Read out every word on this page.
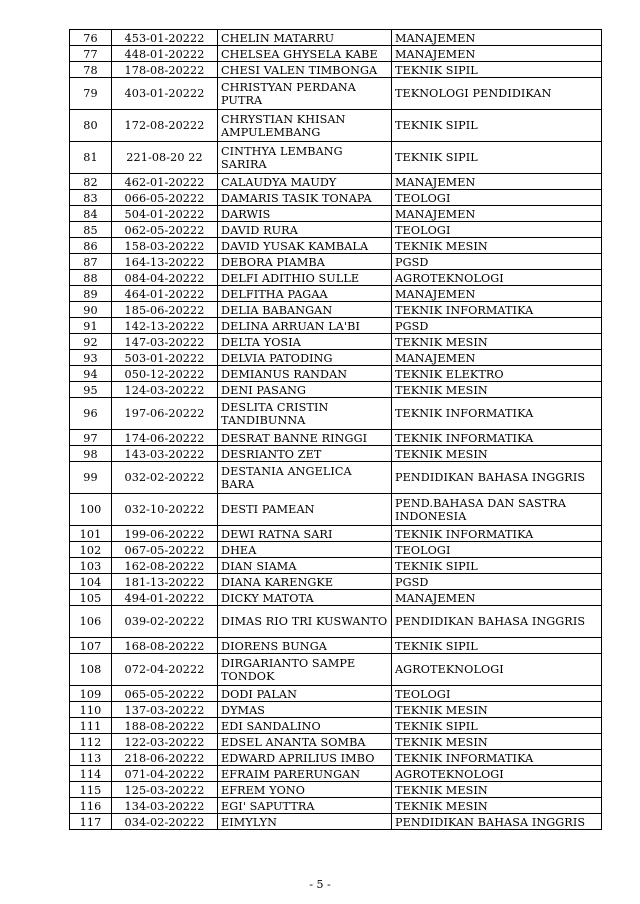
76	453-01-20222	CHELIN MATARRU	MANAJEMEN
77	448-01-20222	CHELSEA GHYSELA KABE	MANAJEMEN
78	178-08-20222	CHESI VALEN TIMBONGA	TEKNIK SIPIL
79	403-01-20222	CHRISTYAN PERDANA PUTRA	TEKNOLOGI PENDIDIKAN
80	172-08-20222	CHRYSTIAN KHISAN AMPULEMBANG	TEKNIK SIPIL
81	221-08-20 22	CINTHYA LEMBANG SARIRA	TEKNIK SIPIL
82	462-01-20222	CALAUDYA MAUDY	MANAJEMEN
83	066-05-20222	DAMARIS TASIK TONAPA	TEOLOGI
84	504-01-20222	DARWIS	MANAJEMEN
85	062-05-20222	DAVID RURA	TEOLOGI
86	158-03-20222	DAVID YUSAK KAMBALA	TEKNIK MESIN
87	164-13-20222	DEBORA PIAMBA	PGSD
88	084-04-20222	DELFI ADITHIO SULLE	AGROTEKNOLOGI
89	464-01-20222	DELFITHA PAGAA	MANAJEMEN
90	185-06-20222	DELIA BABANGAN	TEKNIK INFORMATIKA
91	142-13-20222	DELINA ARRUAN LA'BI	PGSD
92	147-03-20222	DELTA YOSIA	TEKNIK MESIN
93	503-01-20222	DELVIA PATODING	MANAJEMEN
94	050-12-20222	DEMIANUS RANDAN	TEKNIK ELEKTRO
95	124-03-20222	DENI PASANG	TEKNIK MESIN
96	197-06-20222	DESLITA CRISTIN TANDIBUNNA	TEKNIK INFORMATIKA
97	174-06-20222	DESRAT BANNE RINGGI	TEKNIK INFORMATIKA
98	143-03-20222	DESRIANTO ZET	TEKNIK MESIN
99	032-02-20222	DESTANIA ANGELICA BARA	PENDIDIKAN BAHASA INGGRIS
100	032-10-20222	DESTI PAMEAN	PEND.BAHASA DAN SASTRA INDONESIA
101	199-06-20222	DEWI RATNA SARI	TEKNIK INFORMATIKA
102	067-05-20222	DHEA	TEOLOGI
103	162-08-20222	DIAN SIAMA	TEKNIK SIPIL
104	181-13-20222	DIANA KARENGKE	PGSD
105	494-01-20222	DICKY MATOTA	MANAJEMEN
106	039-02-20222	DIMAS RIO TRI KUSWANTO	PENDIDIKAN BAHASA INGGRIS
107	168-08-20222	DIORENS BUNGA	TEKNIK SIPIL
108	072-04-20222	DIRGARIANTO SAMPE TONDOK	AGROTEKNOLOGI
109	065-05-20222	DODI PALAN	TEOLOGI
110	137-03-20222	DYMAS	TEKNIK MESIN
111	188-08-20222	EDI SANDALINO	TEKNIK SIPIL
112	122-03-20222	EDSEL ANANTA SOMBA	TEKNIK MESIN
113	218-06-20222	EDWARD APRILIUS IMBO	TEKNIK INFORMATIKA
114	071-04-20222	EFRAIM PARERUNGAN	AGROTEKNOLOGI
115	125-03-20222	EFREM YONO	TEKNIK MESIN
116	134-03-20222	EGI' SAPUTTRA	TEKNIK MESIN
117	034-02-20222	EIMYLYN	PENDIDIKAN BAHASA INGGRIS
- 5 -
